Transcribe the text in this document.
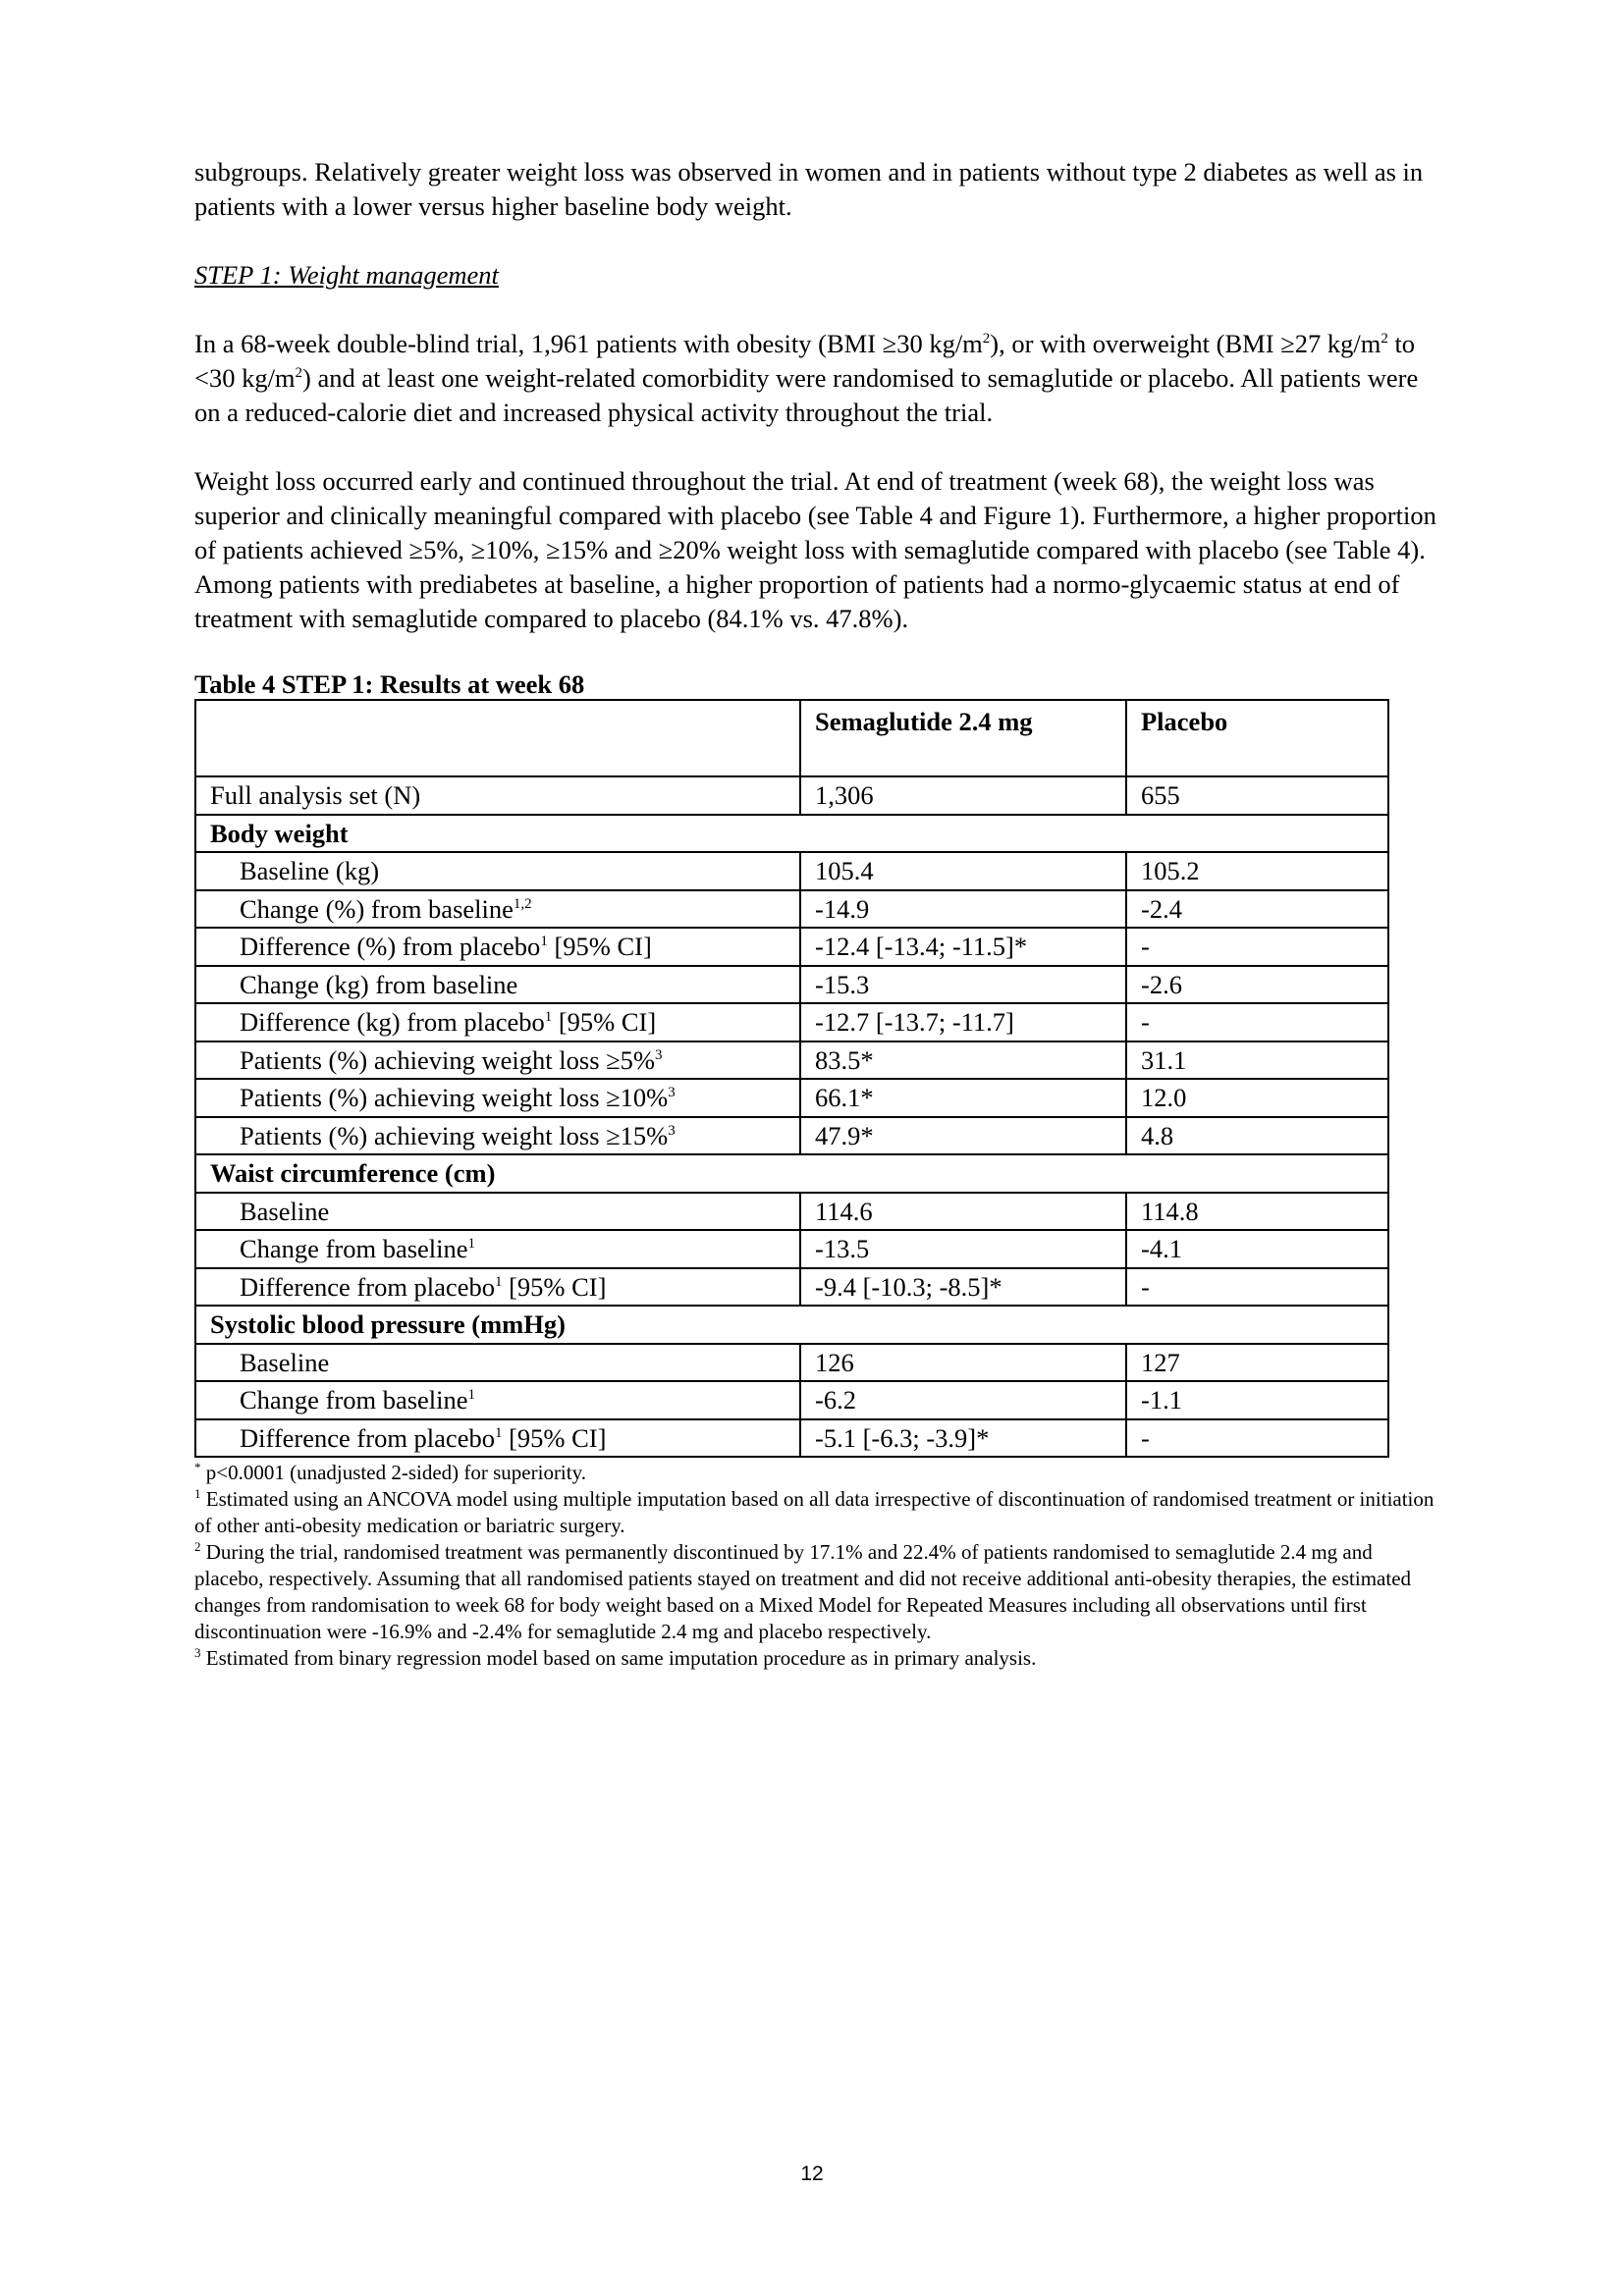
subgroups. Relatively greater weight loss was observed in women and in patients without type 2 diabetes as well as in patients with a lower versus higher baseline body weight.

STEP 1: Weight management

In a 68-week double-blind trial, 1,961 patients with obesity (BMI ≥30 $kg/m^2$), or with overweight (BMI ≥27 $kg/m^2$ to <30 $kg/m^2$) and at least one weight-related comorbidity were randomised to semaglutide or placebo. All patients were on a reduced-calorie diet and increased physical activity throughout the trial.

Weight loss occurred early and continued throughout the trial. At end of treatment (week 68), the weight loss was superior and clinically meaningful compared with placebo (see Table 4 and Figure 1). Furthermore, a higher proportion of patients achieved ≥5%, ≥10%, ≥15% and ≥20% weight loss with semaglutide compared with placebo (see Table 4). Among patients with prediabetes at baseline, a higher proportion of patients had a normo-glycaemic status at end of treatment with semaglutide compared to placebo (84.1% vs. 47.8%).

Table 4 STEP 1: Results at week 68

	Semaglutide 2.4 mg	Placebo
Full analysis set (N)	1,306	655
Body weight		
Baseline (kg)	105.4	105.2
Change (%) from baseline$^{1,2}$	-14.9	-2.4
Difference (%) from placebo$^1$ [95% CI]	-12.4 [-13.4; -11.5]*	-
Change (kg) from baseline	-15.3	-2.6
Difference (kg) from placebo$^1$ [95% CI]	-12.7 [-13.7; -11.7]	-
Patients (%) achieving weight loss ≥5%$^3$	83.5*	31.1
Patients (%) achieving weight loss ≥10%$^3$	66.1*	12.0
Patients (%) achieving weight loss ≥15%$^3$	47.9*	4.8
Waist circumference (cm)		
Baseline	114.6	114.8
Change from baseline$^1$	-13.5	-4.1
Difference from placebo$^1$ [95% CI]	-9.4 [-10.3; -8.5]*	-
Systolic blood pressure (mmHg)		
Baseline	126	127
Change from baseline$^1$	-6.2	-1.1
Difference from placebo$^1$ [95% CI]	-5.1 [-6.3; -3.9]*	-

* p<0.0001 (unadjusted 2-sided) for superiority.

$^1$ Estimated using an ANCOVA model using multiple imputation based on all data irrespective of discontinuation of randomised treatment or initiation of other anti-obesity medication or bariatric surgery.

$^2$ During the trial, randomised treatment was permanently discontinued by 17.1% and 22.4% of patients randomised to semaglutide 2.4 mg and placebo, respectively. Assuming that all randomised patients stayed on treatment and did not receive additional anti-obesity therapies, the estimated changes from randomisation to week 68 for body weight based on a Mixed Model for Repeated Measures including all observations until first discontinuation were -16.9% and -2.4% for semaglutide 2.4 mg and placebo respectively.

$^3$ Estimated from binary regression model based on same imputation procedure as in primary analysis.

12
